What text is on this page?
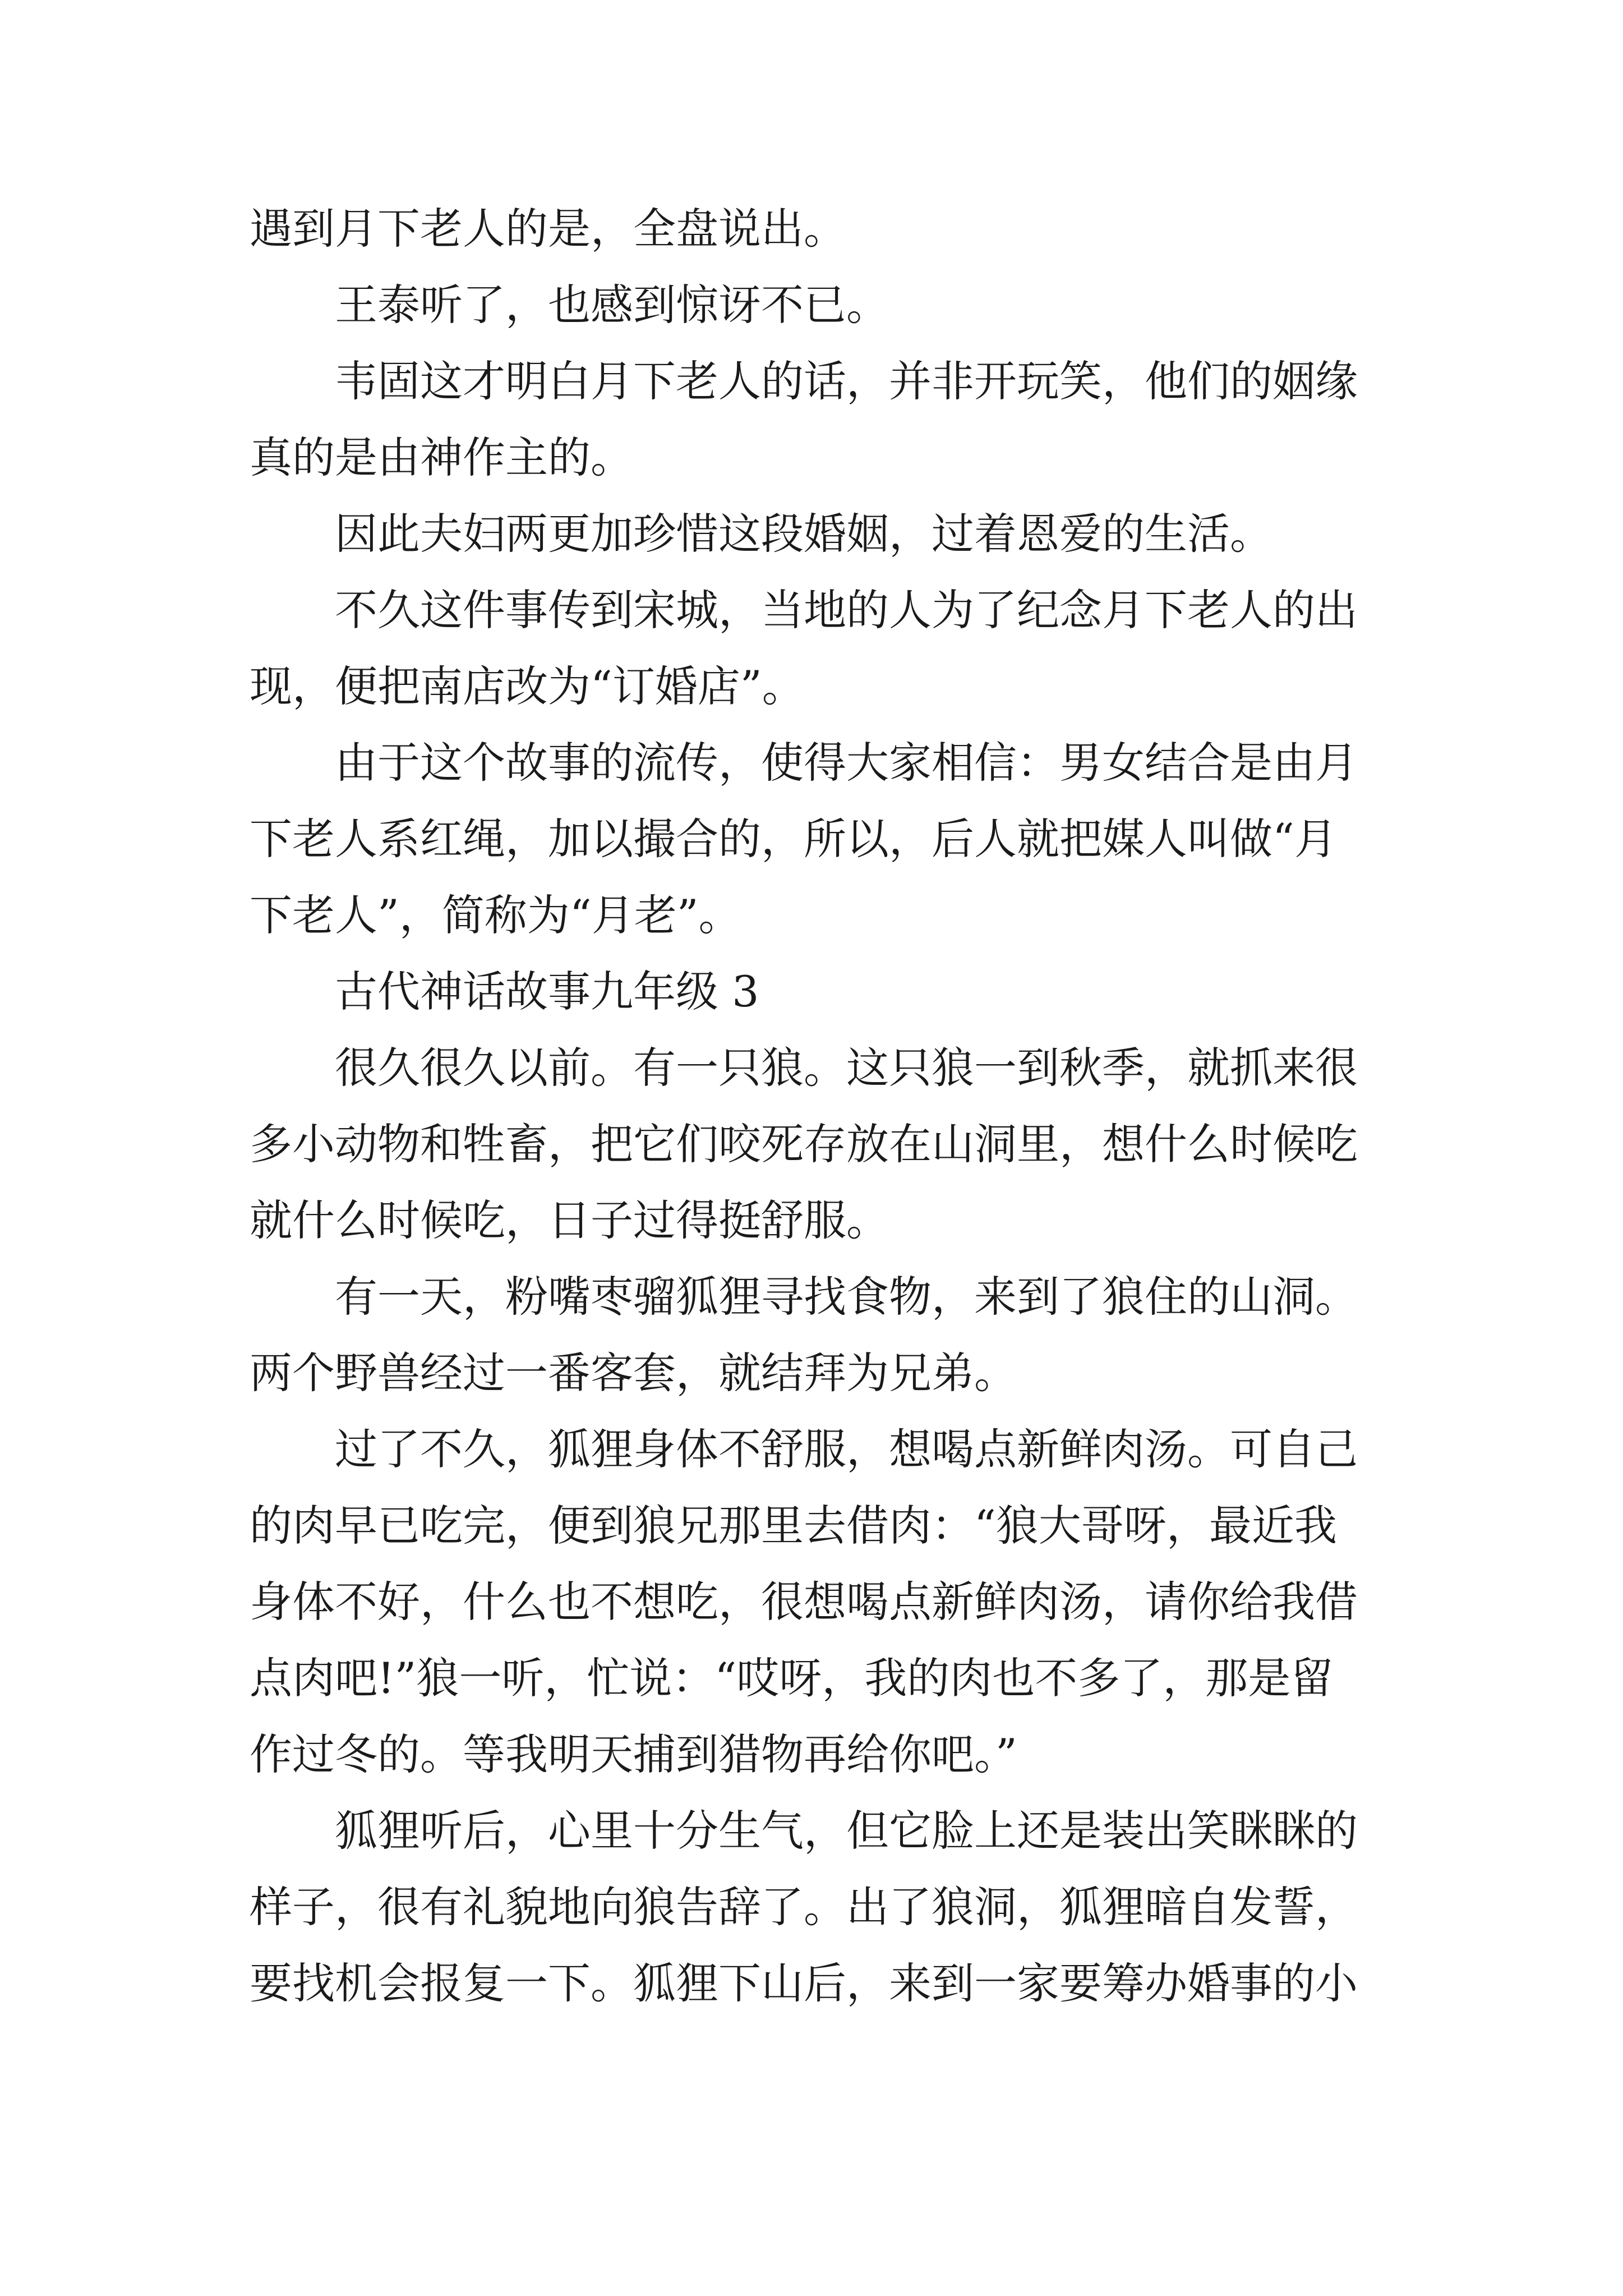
遇到月下老人的是，全盘说出。

王泰听了，也感到惊讶不已。

韦固这才明白月下老人的话，并非开玩笑，他们的姻缘
真的是由神作主的。

因此夫妇两更加珍惜这段婚姻，过着恩爱的生活。

不久这件事传到宋城，当地的人为了纪念月下老人的出
现，便把南店改为“订婚店”。

由于这个故事的流传，使得大家相信：男女结合是由月
下老人系红绳，加以撮合的，所以，后人就把媒人叫做“月
下老人”，简称为“月老”。

古代神话故事九年级 3

很久很久以前。有一只狼。这只狼一到秋季，就抓来很
多小动物和牲畜，把它们咬死存放在山洞里，想什么时候吃
就什么时候吃，日子过得挺舒服。

有一天，粉嘴枣骝狐狸寻找食物，来到了狼住的山洞。
两个野兽经过一番客套，就结拜为兄弟。

过了不久，狐狸身体不舒服，想喝点新鲜肉汤。可自己
的肉早已吃完，便到狼兄那里去借肉：“狼大哥呀，最近我
身体不好，什么也不想吃，很想喝点新鲜肉汤，请你给我借
点肉吧!”狼一听，忙说：“哎呀，我的肉也不多了，那是留
作过冬的。等我明天捕到猎物再给你吧。”

狐狸听后，心里十分生气，但它脸上还是装出笑眯眯的
样子，很有礼貌地向狼告辞了。出了狼洞，狐狸暗自发誓，
要找机会报复一下。狐狸下山后，来到一家要筹办婚事的小
